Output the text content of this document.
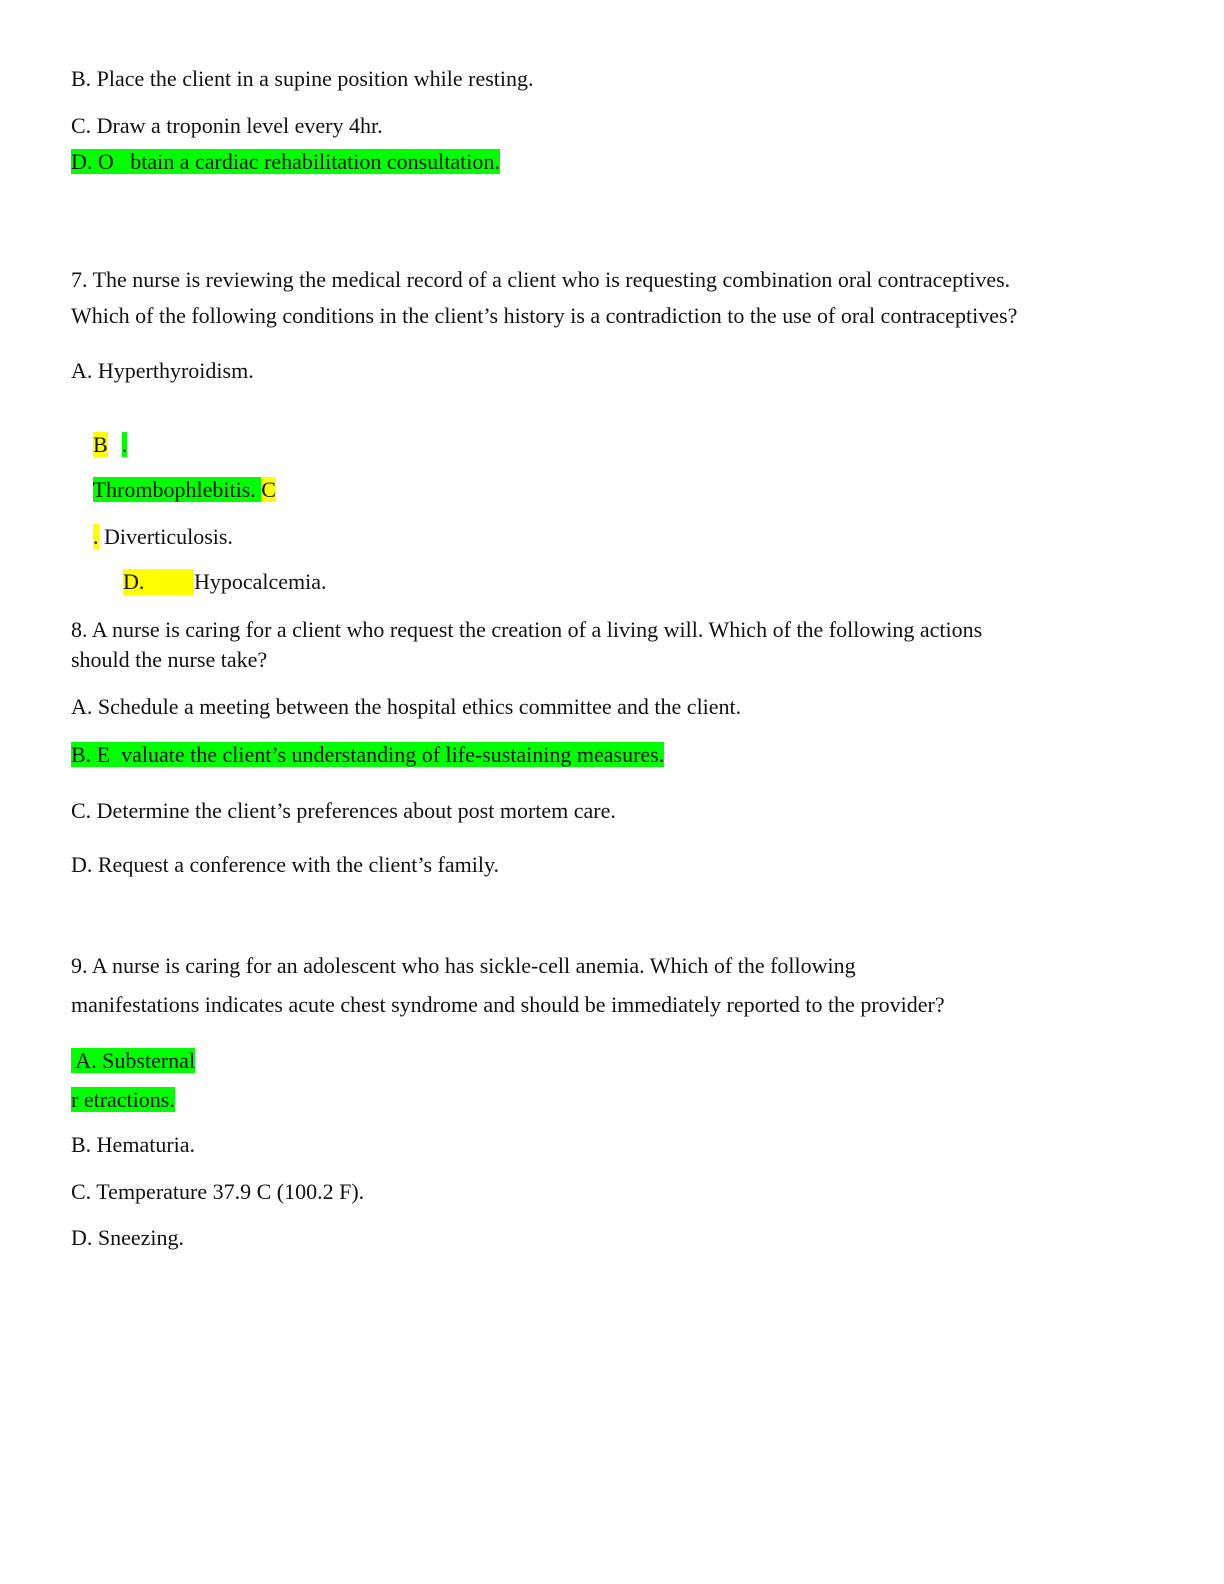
B. Place the client in a supine position while resting.
C. Draw a troponin level every 4hr.
D. O   btain a cardiac rehabilitation consultation.
7. The nurse is reviewing the medical record of a client who is requesting combination oral contraceptives.
Which of the following conditions in the client’s history is a contradiction to the use of oral contraceptives?
A. Hyperthyroidism.

B .

Thrombophlebitis. C

. Diverticulosis.

D. Hypocalcemia.

8. A nurse is caring for a client who request the creation of a living will. Which of the following actions
should the nurse take?
A. Schedule a meeting between the hospital ethics committee and the client.
B. E  valuate the client’s understanding of life-sustaining measures.
C. Determine the client’s preferences about post mortem care.
D. Request a conference with the client’s family.
9. A nurse is caring for an adolescent who has sickle-cell anemia. Which of the following
manifestations indicates acute chest syndrome and should be immediately reported to the provider?
A. Substernal
r etractions.
B. Hematuria.
C. Temperature 37.9 C (100.2 F).
D. Sneezing.
